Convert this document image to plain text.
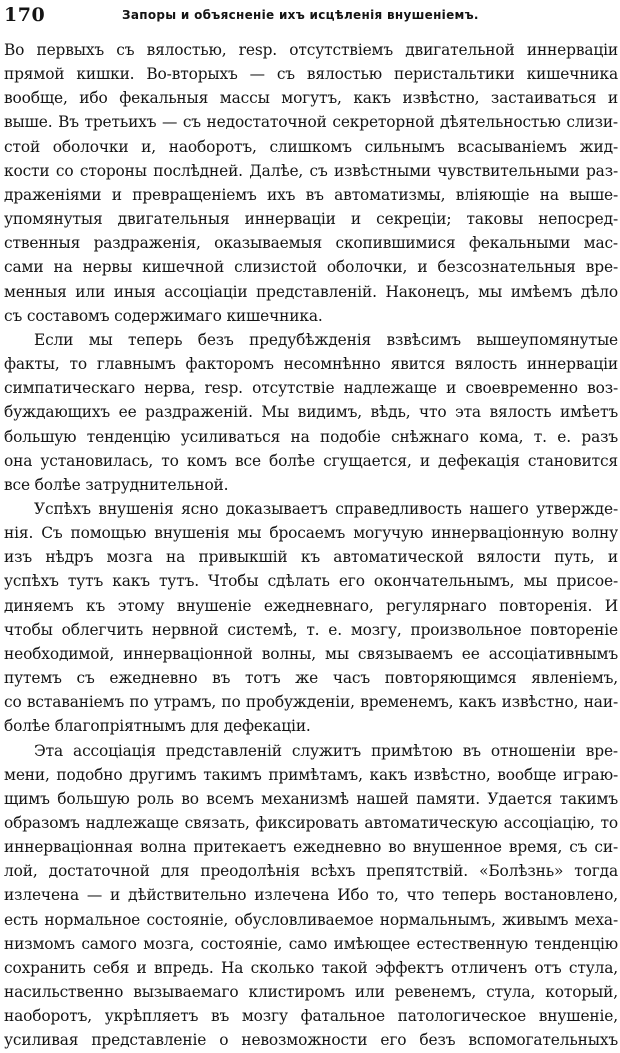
170	Запоры и объясненіе ихъ исцѣленія внушеніемъ.
Во первыхъ съ вялостью, resp. отсутствіемъ двигательной иннерваціи
прямой кишки. Во-вторыхъ — съ вялостью перистальтики кишечника
вообще, ибо фекальныя массы могутъ, какъ извѣстно, застаиваться и
выше. Въ третьихъ — съ недостаточной секреторной дѣятельностью слизи-
стой оболочки и, наоборотъ, слишкомъ сильнымъ всасываніемъ жид-
кости со стороны послѣдней. Далѣе, съ извѣстными чувствительными раз-
драженіями и превращеніемъ ихъ въ автоматизмы, вліяющіе на выше-
упомянутыя двигательныя иннерваціи и секреціи; таковы непосред-
ственныя раздраженія, оказываемыя скопившимися фекальными мас-
сами на нервы кишечной слизистой оболочки, и безсознательныя вре-
менныя или иныя ассоціаціи представленій. Наконецъ, мы имѣемъ дѣло
съ составомъ содержимаго кишечника.
Если мы теперь безъ предубѣжденія взвѣсимъ вышеупомянутые
факты, то главнымъ факторомъ несомнѣнно явится вялость иннерваціи
симпатическаго нерва, resp. отсутствіе надлежаще и своевременно воз-
буждающихъ ее раздраженій. Мы видимъ, вѣдь, что эта вялость имѣетъ
большую тенденцію усиливаться на подобіе снѣжнаго кома, т. е. разъ
она установилась, то комъ все болѣе сгущается, и дефекація становится
все болѣе затруднительной.
Успѣхъ внушенія ясно доказываетъ справедливость нашего утвержде-
нія. Съ помощью внушенія мы бросаемъ могучую иннерваціонную волну
изъ нѣдръ мозга на привыкшій къ автоматической вялости путь, и
успѣхъ тутъ какъ тутъ. Чтобы сдѣлать его окончательнымъ, мы присое-
диняемъ къ этому внушеніе ежедневнаго, регулярнаго повторенія. И
чтобы облегчить нервной системѣ, т. е. мозгу, произвольное повтореніе
необходимой, иннерваціонной волны, мы связываемъ ее ассоціативнымъ
путемъ съ ежедневно въ тотъ же часъ повторяющимся явленіемъ,
со вставаніемъ по утрамъ, по пробужденіи, временемъ, какъ извѣстно, наи-
болѣе благопріятнымъ для дефекаціи.
Эта ассоціація представленій служитъ примѣтою въ отношеніи вре-
мени, подобно другимъ такимъ примѣтамъ, какъ извѣстно, вообще играю-
щимъ большую роль во всемъ механизмѣ нашей памяти. Удается такимъ
образомъ надлежаще связать, фиксировать автоматическую ассоціацію, то
иннерваціонная волна притекаетъ ежедневно во внушенное время, съ си-
лой, достаточной для преодолѣнія всѣхъ препятствій. «Болѣзнь» тогда
излечена — и дѣйствительно излечена Ибо то, что теперь востановлено,
есть нормальное состояніе, обусловливаемое нормальнымъ, живымъ меха-
низмомъ самого мозга, состояніе, само имѣющее естественную тенденцію
сохранить себя и впредь. На сколько такой эффектъ отличенъ отъ стула,
насильственно вызываемаго клистиромъ или ревенемъ, стула, который,
наоборотъ, укрѣпляетъ въ мозгу фатальное патологическое внушеніе,
усиливая представленіе о невозможности его безъ вспомогательныхъ
